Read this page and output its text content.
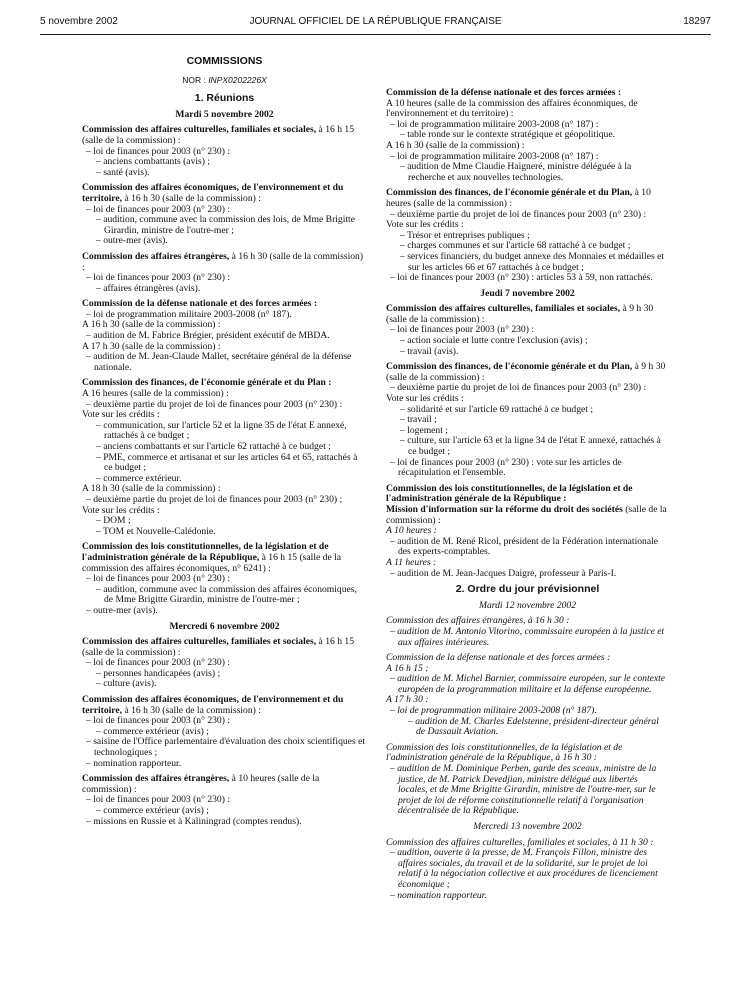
5 novembre 2002	JOURNAL OFFICIEL DE LA RÉPUBLIQUE FRANÇAISE	18297
COMMISSIONS
NOR : INPX0202226X
1. Réunions
Mardi 5 novembre 2002

Commission des affaires culturelles, familiales et sociales, à 16 h 15 (salle de la commission) :

– loi de finances pour 2003 (n° 230) :

– anciens combattants (avis) ;

– santé (avis).

Commission des affaires économiques, de l'environnement et du territoire, à 16 h 30 (salle de la commission) :

– loi de finances pour 2003 (n° 230) :

– audition, commune avec la commission des lois, de Mme Brigitte Girardin, ministre de l'outre-mer ;

– outre-mer (avis).

Commission des affaires étrangères, à 16 h 30 (salle de la commission) :

– loi de finances pour 2003 (n° 230) :

– affaires étrangères (avis).

Commission de la défense nationale et des forces armées :

– loi de programmation militaire 2003-2008 (n° 187).

A 16 h 30 (salle de la commission) :

– audition de M. Fabrice Brégier, président exécutif de MBDA.

A 17 h 30 (salle de la commission) :

– audition de M. Jean-Claude Mallet, secrétaire général de la défense nationale.

Commission des finances, de l'économie générale et du Plan :

A 16 heures (salle de la commission) :

– deuxième partie du projet de loi de finances pour 2003 (n° 230) :

Vote sur les crédits :

– communication, sur l'article 52 et la ligne 35 de l'état E annexé, rattachés à ce budget ;

– anciens combattants et sur l'article 62 rattaché à ce budget ;

– PME, commerce et artisanat et sur les articles 64 et 65, rattachés à ce budget ;

– commerce extérieur.

A 18 h 30 (salle de la commission) :

– deuxième partie du projet de loi de finances pour 2003 (n° 230) ;

Vote sur les crédits :

– DOM ;

– TOM et Nouvelle-Calédonie.

Commission des lois constitutionnelles, de la législation et de l'administration générale de la République, à 16 h 15 (salle de la commission des affaires économiques, n° 6241) :

– loi de finances pour 2003 (n° 230) :

– audition, commune avec la commission des affaires économiques, de Mme Brigitte Girardin, ministre de l'outre-mer ;

– outre-mer (avis).

Mercredi 6 novembre 2002

Commission des affaires culturelles, familiales et sociales, à 16 h 15 (salle de la commission) :

– loi de finances pour 2003 (n° 230) :

– personnes handicapées (avis) ;

– culture (avis).

Commission des affaires économiques, de l'environnement et du territoire, à 16 h 30 (salle de la commission) :

– loi de finances pour 2003 (n° 230) :

– commerce extérieur (avis) ;

– saisine de l'Office parlementaire d'évaluation des choix scientifiques et technologiques ;

– nomination rapporteur.

Commission des affaires étrangères, à 10 heures (salle de la commission) :

– loi de finances pour 2003 (n° 230) :

– commerce extérieur (avis) ;

– missions en Russie et à Kaliningrad (comptes rendus).

Commission de la défense nationale et des forces armées :

A 10 heures (salle de la commission des affaires économiques, de l'environnement et du territoire) :

– loi de programmation militaire 2003-2008 (n° 187) :

– table ronde sur le contexte stratégique et géopolitique.

A 16 h 30 (salle de la commission) :

– loi de programmation militaire 2003-2008 (n° 187) :

– audition de Mme Claudie Haigneré, ministre déléguée à la recherche et aux nouvelles technologies.

Commission des finances, de l'économie générale et du Plan, à 10 heures (salle de la commission) :

– deuxième partie du projet de loi de finances pour 2003 (n° 230) :

Vote sur les crédits :

– Trésor et entreprises publiques ;

– charges communes et sur l'article 68 rattaché à ce budget ;

– services financiers, du budget annexe des Monnaies et médailles et sur les articles 66 et 67 rattachés à ce budget ;

– loi de finances pour 2003 (n° 230) : articles 53 à 59, non rattachés.

Jeudi 7 novembre 2002

Commission des affaires culturelles, familiales et sociales, à 9 h 30 (salle de la commission) :

– loi de finances pour 2003 (n° 230) :

– action sociale et lutte contre l'exclusion (avis) ;

– travail (avis).

Commission des finances, de l'économie générale et du Plan, à 9 h 30 (salle de la commission) :

– deuxième partie du projet de loi de finances pour 2003 (n° 230) :

Vote sur les crédits :

– solidarité et sur l'article 69 rattaché à ce budget ;

– travail ;

– logement ;

– culture, sur l'article 63 et la ligne 34 de l'état E annexé, rattachés à ce budget ;

– loi de finances pour 2003 (n° 230) : vote sur les articles de récapitulation et l'ensemble.

Commission des lois constitutionnelles, de la législation et de l'administration générale de la République :

Mission d'information sur la réforme du droit des sociétés (salle de la commission) :

A 10 heures :

– audition de M. René Ricol, président de la Fédération internationale des experts-comptables.

A 11 heures :

– audition de M. Jean-Jacques Daigre, professeur à Paris-I.

2. Ordre du jour prévisionnel
Mardi 12 novembre 2002

Commission des affaires étrangères, à 16 h 30 :

– audition de M. Antonio Vitorino, commissaire européen à la justice et aux affaires intérieures.

Commission de la défense nationale et des forces armées :

A 16 h 15 :

– audition de M. Michel Barnier, commissaire européen, sur le contexte européen de la programmation militaire et la défense européenne.

A 17 h 30 :

– loi de programmation militaire 2003-2008 (n° 187).

– audition de M. Charles Edelstenne, président-directeur général de Dassault Aviation.

Commission des lois constitutionnelles, de la législation et de l'administration générale de la République, à 16 h 30 :

– audition de M. Dominique Perben, garde des sceaux, ministre de la justice, de M. Patrick Devedjian, ministre délégué aux libertés locales, et de Mme Brigitte Girardin, ministre de l'outre-mer, sur le projet de loi de réforme constitutionnelle relatif à l'organisation décentralisée de la République.

Mercredi 13 novembre 2002

Commission des affaires culturelles, familiales et sociales, à 11 h 30 :

– audition, ouverte à la presse, de M. François Fillon, ministre des affaires sociales, du travail et de la solidarité, sur le projet de loi relatif à la négociation collective et aux procédures de licenciement économique ;

– nomination rapporteur.
